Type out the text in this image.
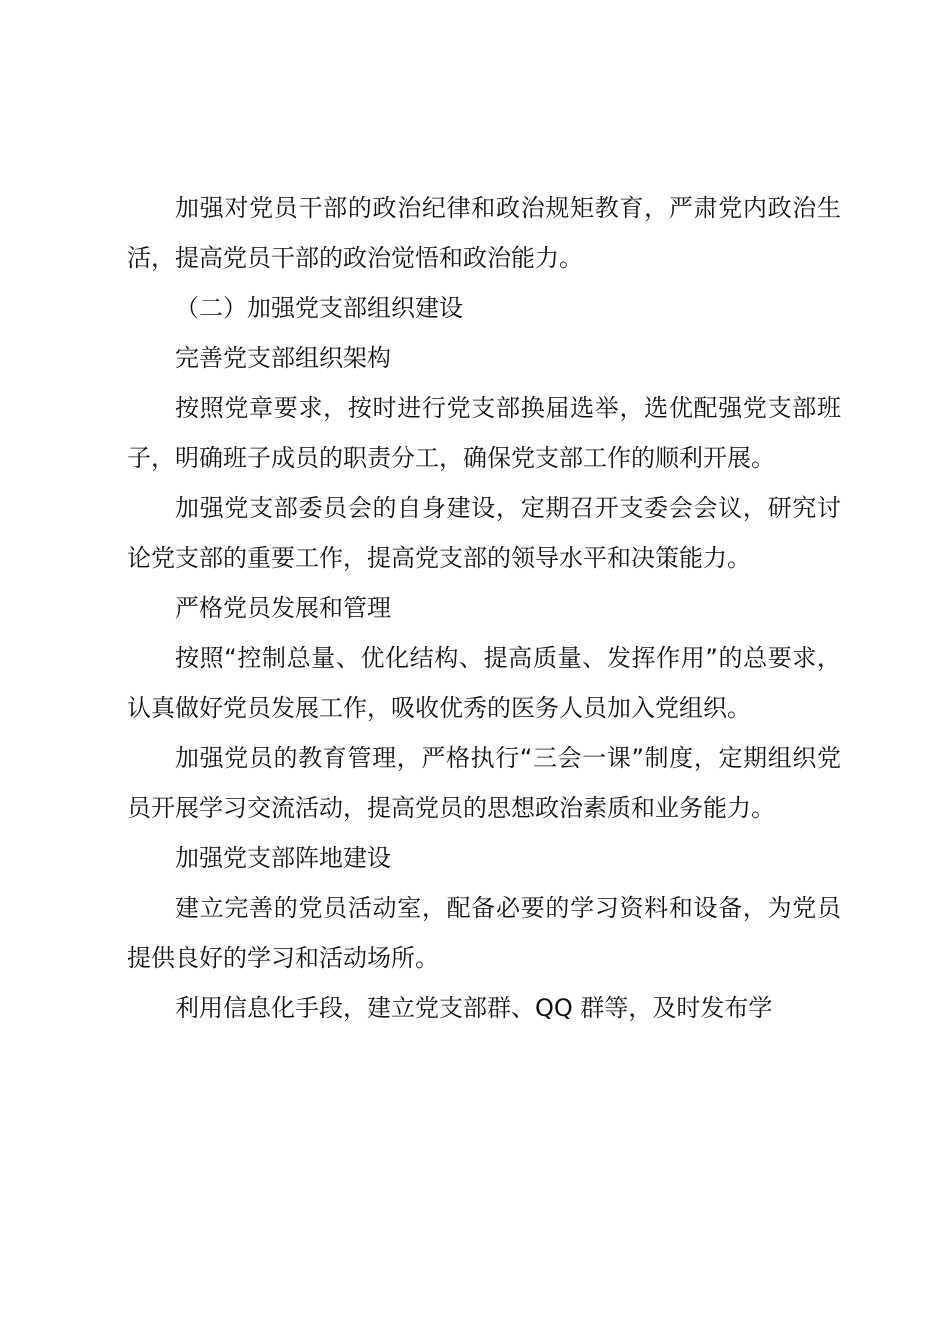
加强对党员干部的政治纪律和政治规矩教育，严肃党内政治生活，提高党员干部的政治觉悟和政治能力。

（二）加强党支部组织建设

完善党支部组织架构

按照党章要求，按时进行党支部换届选举，选优配强党支部班子，明确班子成员的职责分工，确保党支部工作的顺利开展。

加强党支部委员会的自身建设，定期召开支委会会议，研究讨论党支部的重要工作，提高党支部的领导水平和决策能力。

严格党员发展和管理

按照“控制总量、优化结构、提高质量、发挥作用”的总要求，认真做好党员发展工作，吸收优秀的医务人员加入党组织。

加强党员的教育管理，严格执行“三会一课”制度，定期组织党员开展学习交流活动，提高党员的思想政治素质和业务能力。

加强党支部阵地建设

建立完善的党员活动室，配备必要的学习资料和设备，为党员提供良好的学习和活动场所。

利用信息化手段，建立党支部群、QQ 群等，及时发布学
